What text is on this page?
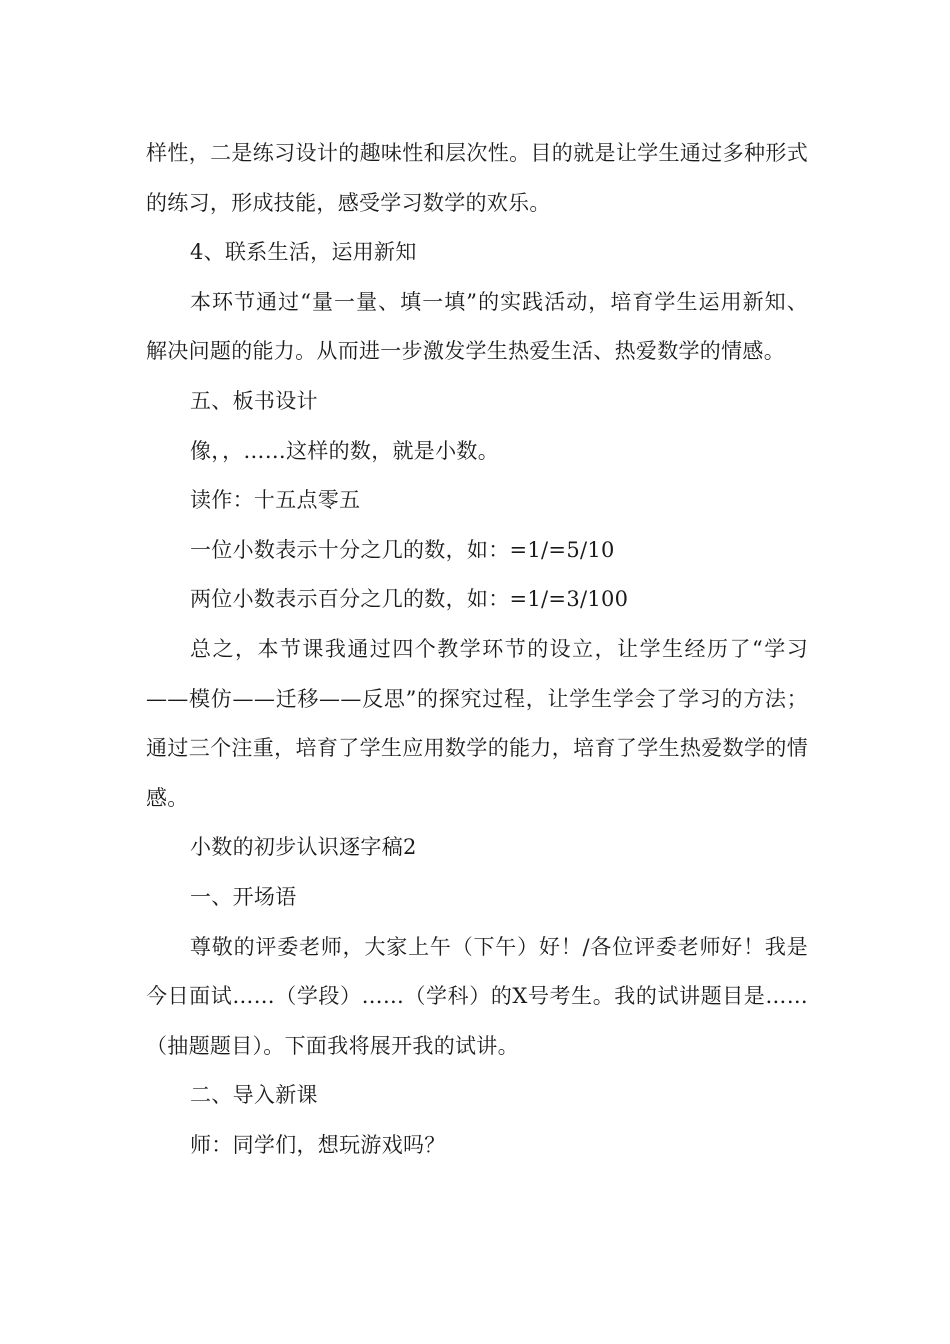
样性，二是练习设计的趣味性和层次性。目的就是让学生通过多种形式的练习，形成技能，感受学习数学的欢乐。

4、联系生活，运用新知

本环节通过“量一量、填一填”的实践活动，培育学生运用新知、解决问题的能力。从而进一步激发学生热爱生活、热爱数学的情感。

五、板书设计

像，，……这样的数，就是小数。

读作：十五点零五

一位小数表示十分之几的数，如：=1/=5/10

两位小数表示百分之几的数，如：=1/=3/100

总之，本节课我通过四个教学环节的设立，让学生经历了“学习——模仿——迁移——反思”的探究过程，让学生学会了学习的方法；通过三个注重，培育了学生应用数学的能力，培育了学生热爱数学的情感。

小数的初步认识逐字稿2

一、开场语

尊敬的评委老师，大家上午（下午）好！/各位评委老师好！我是今日面试……（学段）……（学科）的X号考生。我的试讲题目是……（抽题题目）。下面我将展开我的试讲。

二、导入新课

师：同学们，想玩游戏吗？
